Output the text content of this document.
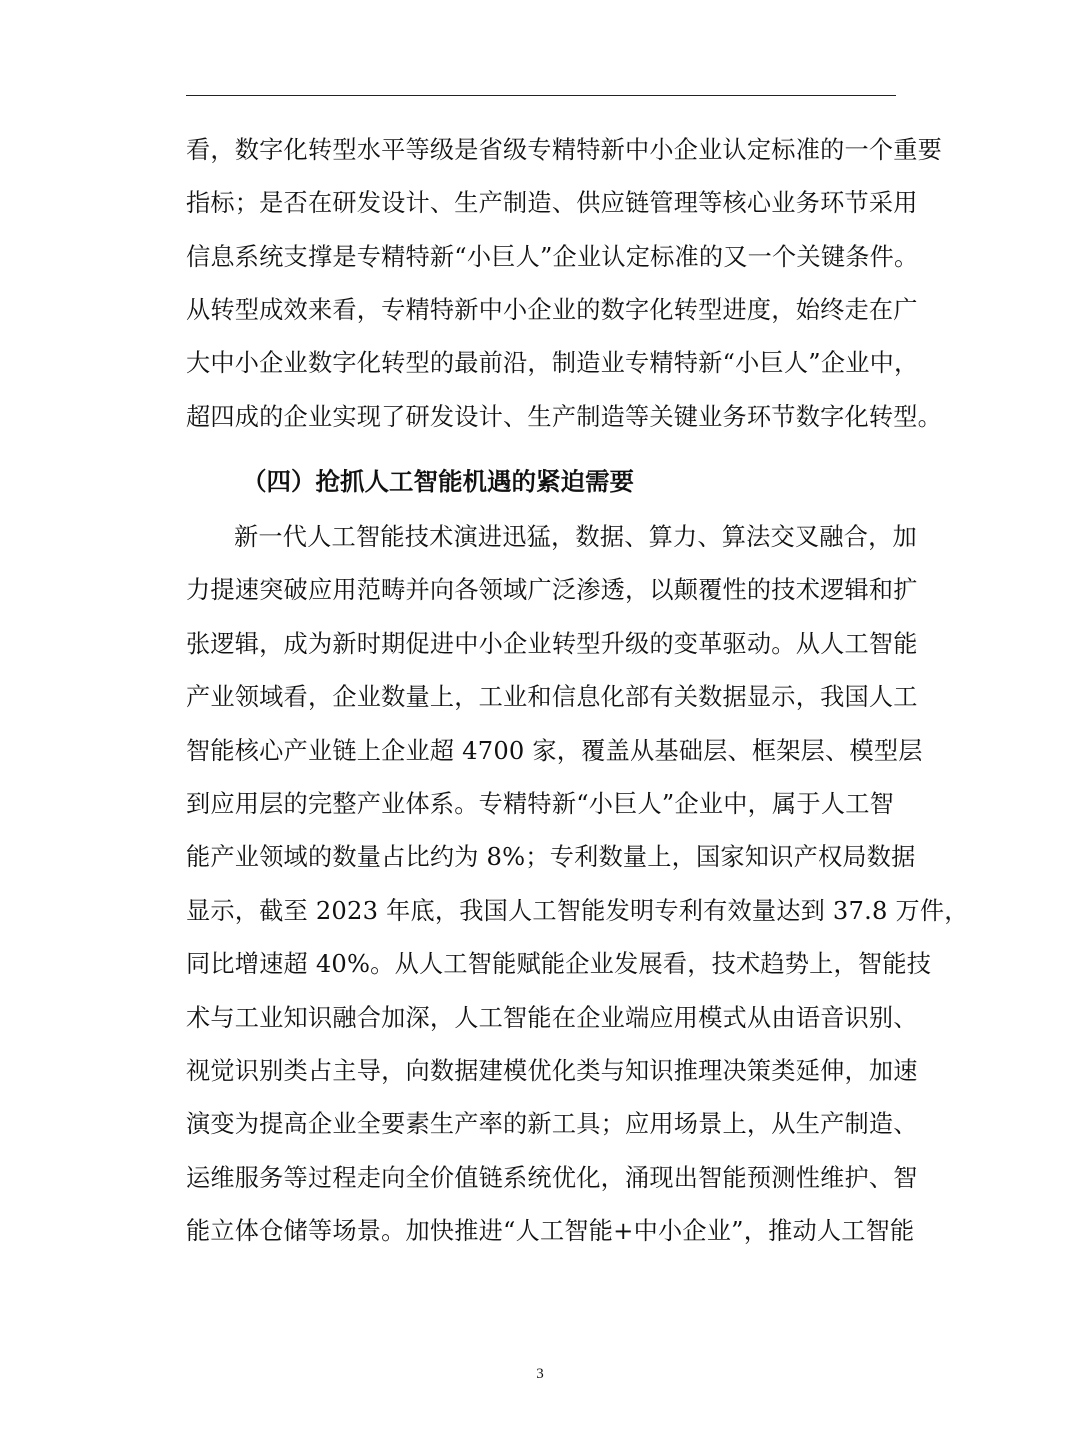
看，数字化转型水平等级是省级专精特新中小企业认定标准的一个重要
指标；是否在研发设计、生产制造、供应链管理等核心业务环节采用
信息系统支撑是专精特新“小巨人”企业认定标准的又一个关键条件。
从转型成效来看，专精特新中小企业的数字化转型进度，始终走在广
大中小企业数字化转型的最前沿，制造业专精特新“小巨人”企业中，
超四成的企业实现了研发设计、生产制造等关键业务环节数字化转型。
（四）抢抓人工智能机遇的紧迫需要
新一代人工智能技术演进迅猛，数据、算力、算法交叉融合，加
力提速突破应用范畴并向各领域广泛渗透，以颠覆性的技术逻辑和扩
张逻辑，成为新时期促进中小企业转型升级的变革驱动。从人工智能
产业领域看，企业数量上，工业和信息化部有关数据显示，我国人工
智能核心产业链上企业超 4700 家，覆盖从基础层、框架层、模型层
到应用层的完整产业体系。专精特新“小巨人”企业中，属于人工智
能产业领域的数量占比约为 8%；专利数量上，国家知识产权局数据
显示，截至 2023 年底，我国人工智能发明专利有效量达到 37.8 万件，
同比增速超 40%。从人工智能赋能企业发展看，技术趋势上，智能技
术与工业知识融合加深，人工智能在企业端应用模式从由语音识别、
视觉识别类占主导，向数据建模优化类与知识推理决策类延伸，加速
演变为提高企业全要素生产率的新工具；应用场景上，从生产制造、
运维服务等过程走向全价值链系统优化，涌现出智能预测性维护、智
能立体仓储等场景。加快推进“人工智能+中小企业”，推动人工智能
3
